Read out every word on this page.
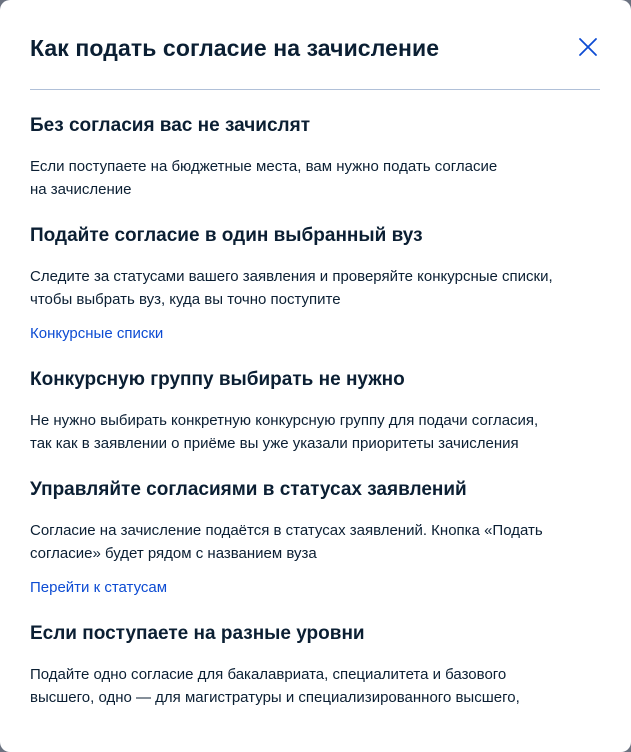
Как подать согласие на зачисление
Без согласия вас не зачислят

Если поступаете на бюджетные места, вам нужно подать согласие
на зачисление

Подайте согласие в один выбранный вуз

Следите за статусами вашего заявления и проверяйте конкурсные списки,
чтобы выбрать вуз, куда вы точно поступите

Конкурсные списки
Конкурсную группу выбирать не нужно

Не нужно выбирать конкретную конкурсную группу для подачи согласия,
так как в заявлении о приёме вы уже указали приоритеты зачисления

Управляйте согласиями в статусах заявлений

Согласие на зачисление подаётся в статусах заявлений. Кнопка «Подать
согласие» будет рядом с названием вуза

Перейти к статусам
Если поступаете на разные уровни

Подайте одно согласие для бакалавриата, специалитета и базового
высшего, одно — для магистратуры и специализированного высшего,
